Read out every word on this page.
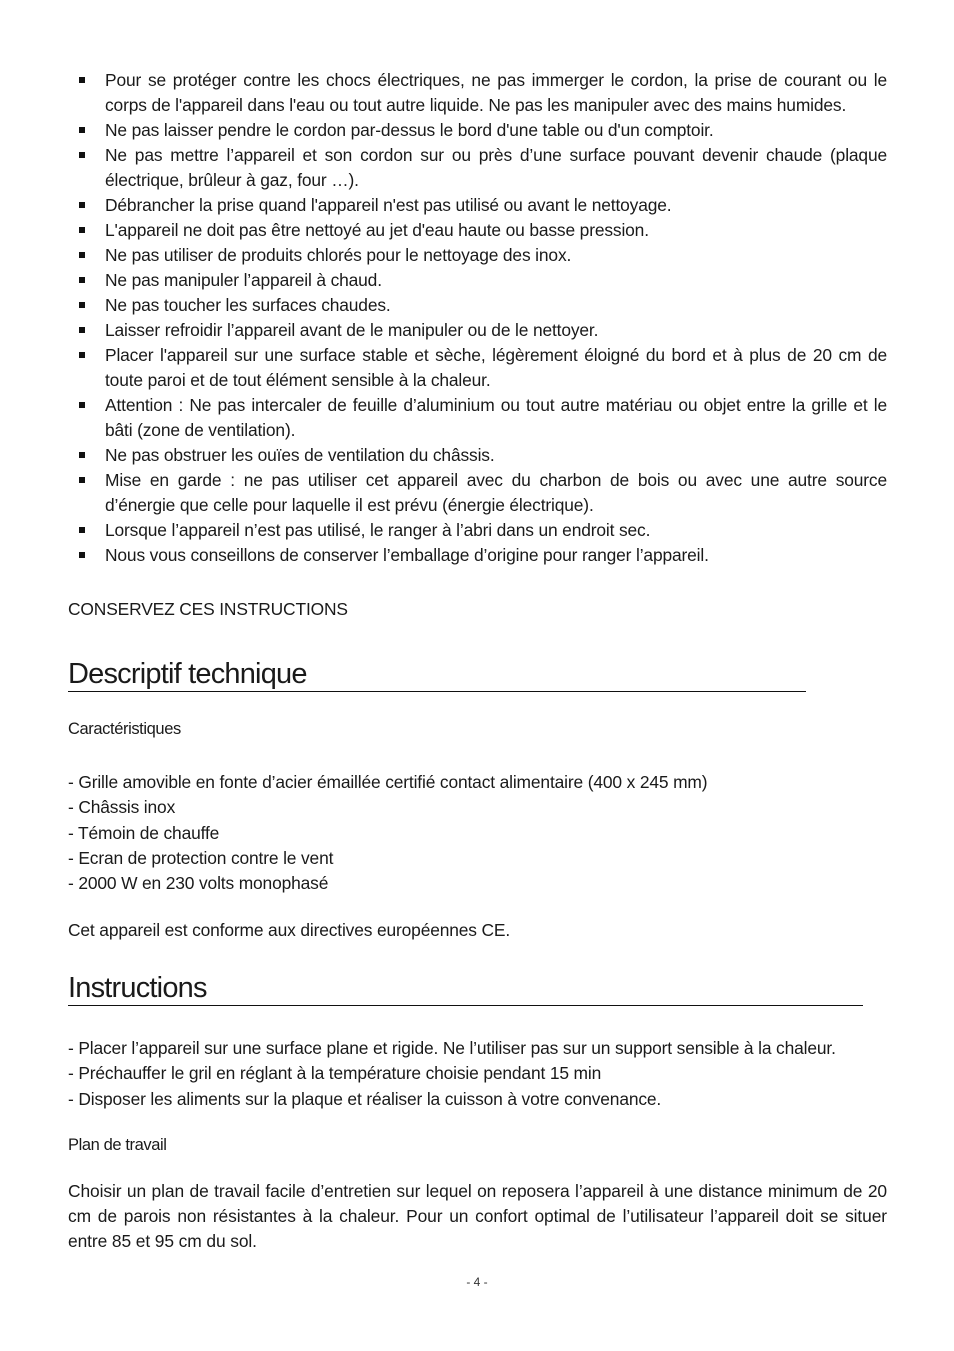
Pour se protéger contre les chocs électriques, ne pas immerger le cordon, la prise de courant ou le corps de l'appareil dans l'eau ou tout autre liquide. Ne pas les manipuler avec des mains humides.
Ne pas laisser pendre le cordon par-dessus le bord d'une table ou d'un comptoir.
Ne pas mettre l’appareil et son cordon sur ou près d’une surface pouvant devenir chaude (plaque électrique, brûleur à gaz, four …).
Débrancher la prise quand l'appareil n'est pas utilisé ou avant le nettoyage.
L'appareil ne doit pas être nettoyé au jet d'eau haute ou basse pression.
Ne pas utiliser de produits chlorés pour le nettoyage des inox.
Ne pas manipuler l’appareil à chaud.
Ne pas toucher les surfaces chaudes.
Laisser refroidir l’appareil avant de le manipuler ou de le nettoyer.
Placer l'appareil sur une surface stable et sèche, légèrement éloigné du bord et à plus de 20 cm de toute paroi et de tout élément sensible à la chaleur.
Attention : Ne pas intercaler de feuille d’aluminium ou tout autre matériau ou objet entre la grille et le bâti (zone de ventilation).
Ne pas obstruer les ouïes de ventilation du châssis.
Mise en garde : ne pas utiliser cet appareil avec du charbon de bois ou avec une autre source d’énergie que celle pour laquelle il est prévu (énergie électrique).
Lorsque l’appareil n’est pas utilisé, le ranger à l’abri dans un endroit sec.
Nous vous conseillons de conserver l’emballage d’origine pour ranger l’appareil.

CONSERVEZ CES INSTRUCTIONS

Descriptif technique
Caractéristiques
- Grille amovible en fonte d’acier émaillée certifié contact alimentaire (400 x 245 mm)
- Châssis inox
- Témoin de chauffe
- Ecran de protection contre le vent
- 2000 W en 230 volts monophasé

Cet appareil est conforme aux directives européennes CE.

Instructions
- Placer l’appareil sur une surface plane et rigide. Ne l’utiliser pas sur un support sensible à la chaleur.
- Préchauffer le gril en réglant à la température choisie pendant 15 min
- Disposer les aliments sur la plaque et réaliser la cuisson à votre convenance.
Plan de travail

Choisir un plan de travail facile d’entretien sur lequel on reposera l’appareil à une distance minimum de 20 cm de parois non résistantes à la chaleur. Pour un confort optimal de l’utilisateur l’appareil doit se situer entre 85 et 95 cm du sol.

- 4 -
